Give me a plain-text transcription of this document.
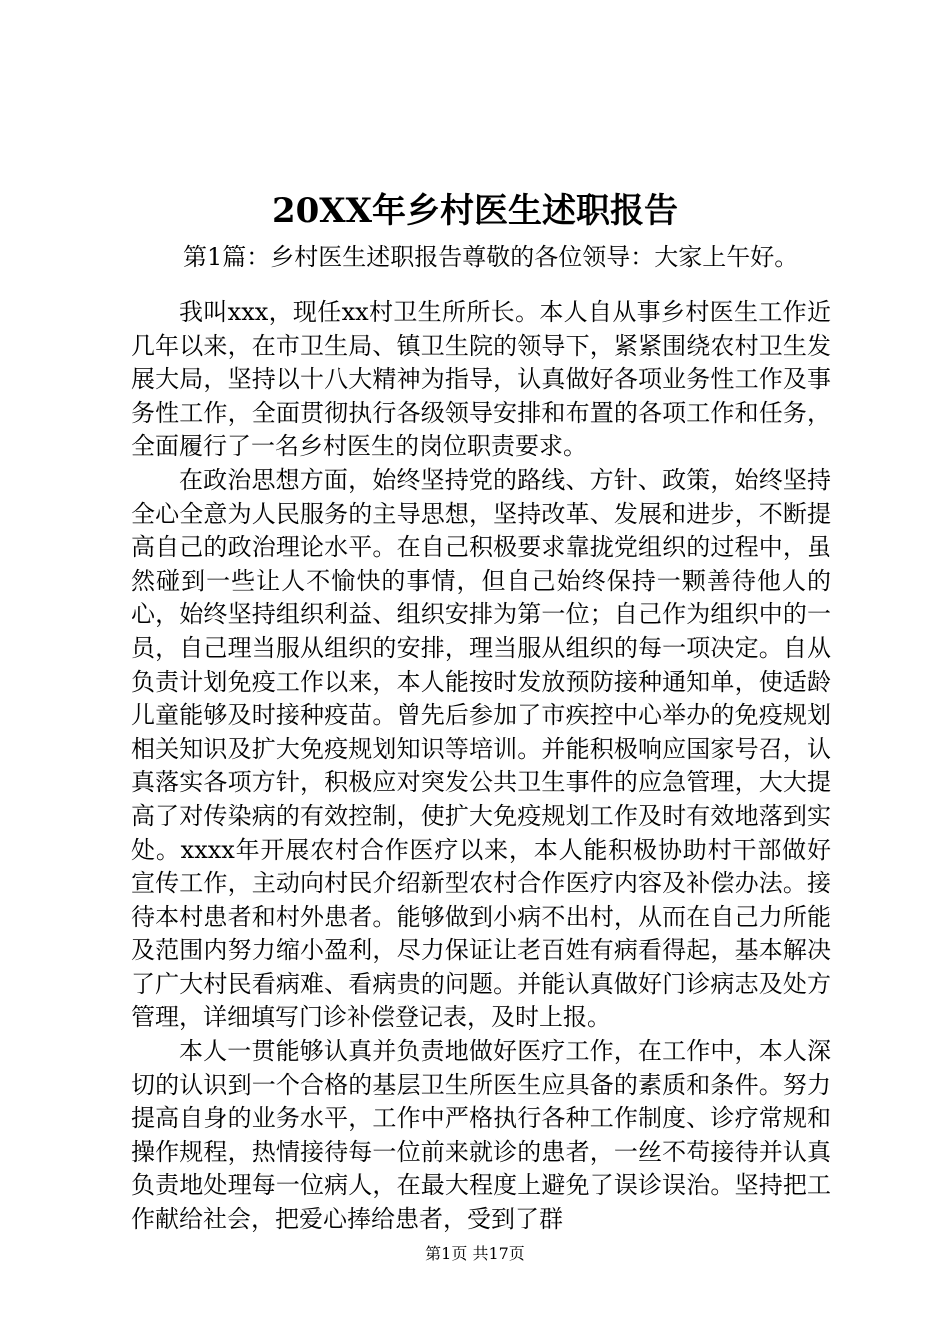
20XX年乡村医生述职报告
第1篇：乡村医生述职报告尊敬的各位领导：大家上午好。

我叫xxx，现任xx村卫生所所长。本人自从事乡村医生工作近几年以来，在市卫生局、镇卫生院的领导下，紧紧围绕农村卫生发展大局，坚持以十八大精神为指导，认真做好各项业务性工作及事务性工作，全面贯彻执行各级领导安排和布置的各项工作和任务，全面履行了一名乡村医生的岗位职责要求。

在政治思想方面，始终坚持党的路线、方针、政策，始终坚持全心全意为人民服务的主导思想，坚持改革、发展和进步，不断提高自己的政治理论水平。在自己积极要求靠拢党组织的过程中，虽然碰到一些让人不愉快的事情，但自己始终保持一颗善待他人的心，始终坚持组织利益、组织安排为第一位；自己作为组织中的一员，自己理当服从组织的安排，理当服从组织的每一项决定。自从负责计划免疫工作以来，本人能按时发放预防接种通知单，使适龄儿童能够及时接种疫苗。曾先后参加了市疾控中心举办的免疫规划相关知识及扩大免疫规划知识等培训。并能积极响应国家号召，认真落实各项方针，积极应对突发公共卫生事件的应急管理，大大提高了对传染病的有效控制，使扩大免疫规划工作及时有效地落到实处。xxxx年开展农村合作医疗以来，本人能积极协助村干部做好宣传工作，主动向村民介绍新型农村合作医疗内容及补偿办法。接待本村患者和村外患者。能够做到小病不出村，从而在自己力所能及范围内努力缩小盈利，尽力保证让老百姓有病看得起，基本解决了广大村民看病难、看病贵的问题。并能认真做好门诊病志及处方管理，详细填写门诊补偿登记表，及时上报。

本人一贯能够认真并负责地做好医疗工作，在工作中，本人深切的认识到一个合格的基层卫生所医生应具备的素质和条件。努力提高自身的业务水平，工作中严格执行各种工作制度、诊疗常规和操作规程，热情接待每一位前来就诊的患者，一丝不苟接待并认真负责地处理每一位病人，在最大程度上避免了误诊误治。坚持把工作献给社会，把爱心捧给患者，受到了群

第1页 共17页
